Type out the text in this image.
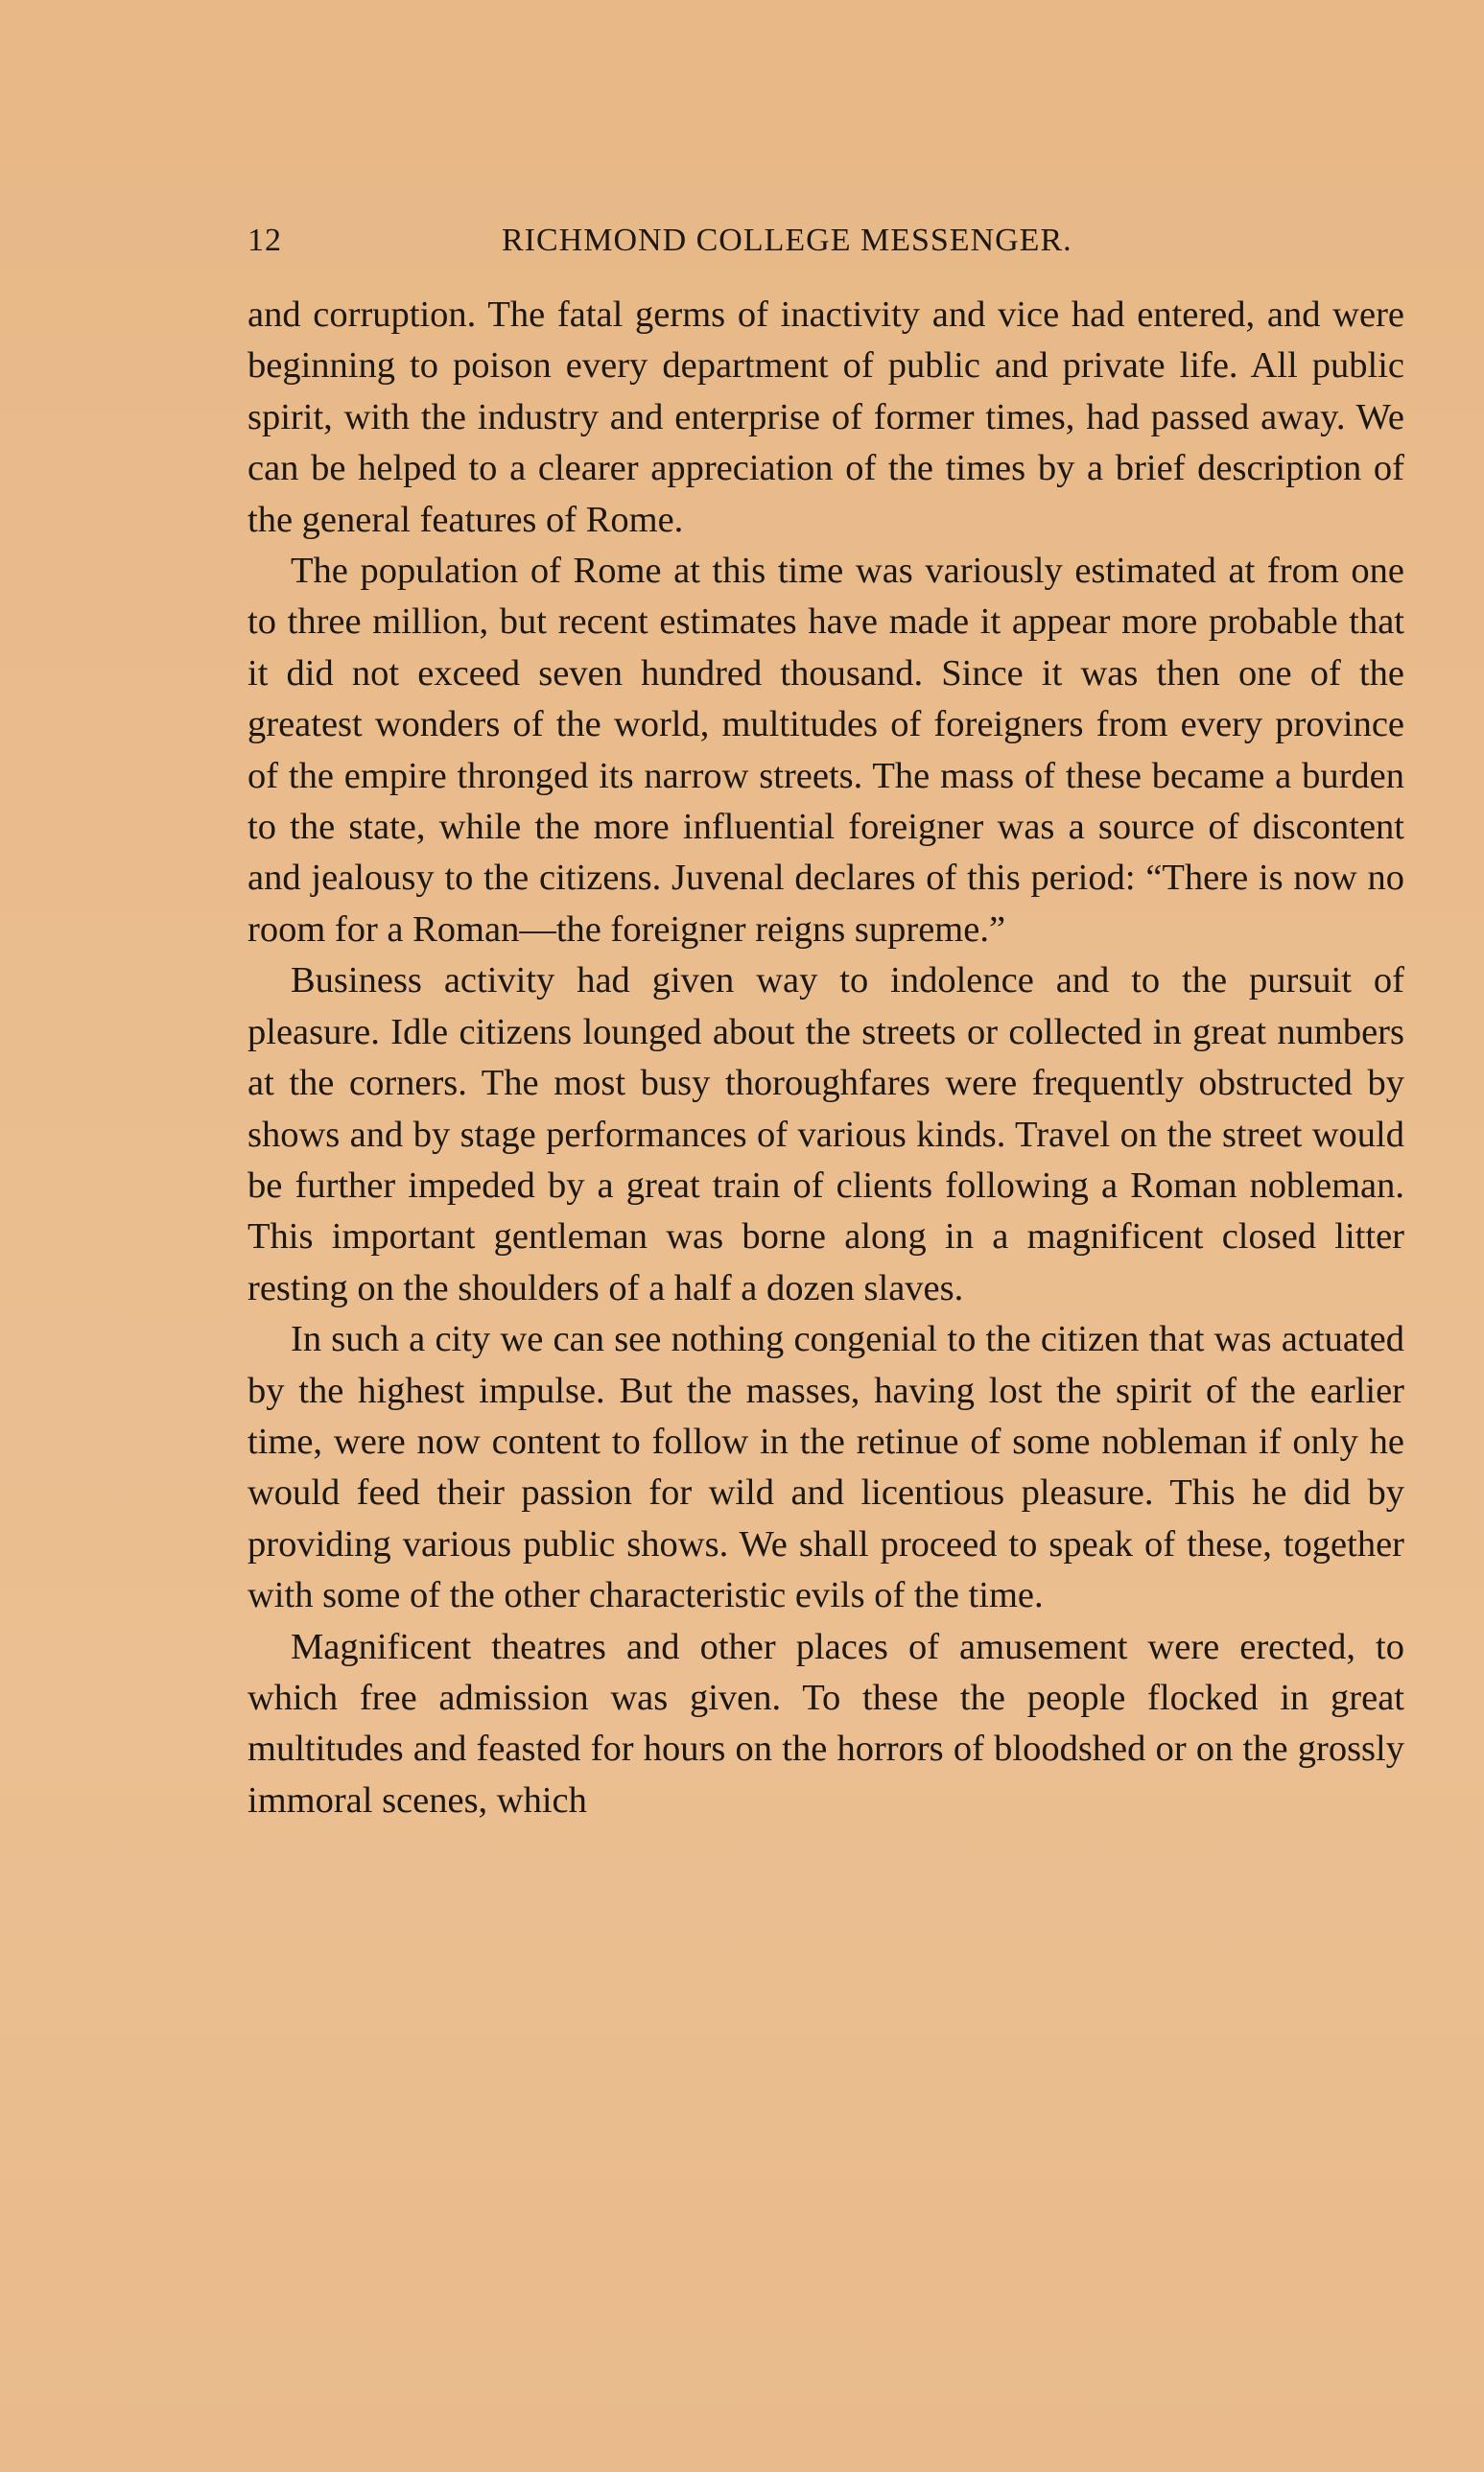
12	RICHMOND COLLEGE MESSENGER.

and corruption. The fatal germs of inactivity and vice had entered, and were beginning to poison every department of public and private life. All public spirit, with the industry and enterprise of former times, had passed away. We can be helped to a clearer appreciation of the times by a brief description of the general features of Rome.

The population of Rome at this time was variously estimated at from one to three million, but recent estimates have made it appear more probable that it did not exceed seven hundred thousand. Since it was then one of the greatest wonders of the world, multitudes of foreigners from every province of the empire thronged its narrow streets. The mass of these became a burden to the state, while the more influential foreigner was a source of discontent and jealousy to the citizens. Juvenal declares of this period: “There is now no room for a Roman—the foreigner reigns supreme.”

Business activity had given way to indolence and to the pursuit of pleasure. Idle citizens lounged about the streets or collected in great numbers at the corners. The most busy thoroughfares were frequently obstructed by shows and by stage performances of various kinds. Travel on the street would be further impeded by a great train of clients following a Roman nobleman. This important gentleman was borne along in a magnificent closed litter resting on the shoulders of a half a dozen slaves.

In such a city we can see nothing congenial to the citizen that was actuated by the highest impulse. But the masses, having lost the spirit of the earlier time, were now content to follow in the retinue of some nobleman if only he would feed their passion for wild and licentious pleasure. This he did by providing various public shows. We shall proceed to speak of these, together with some of the other characteristic evils of the time.

Magnificent theatres and other places of amusement were erected, to which free admission was given. To these the people flocked in great multitudes and feasted for hours on the horrors of bloodshed or on the grossly immoral scenes, which
